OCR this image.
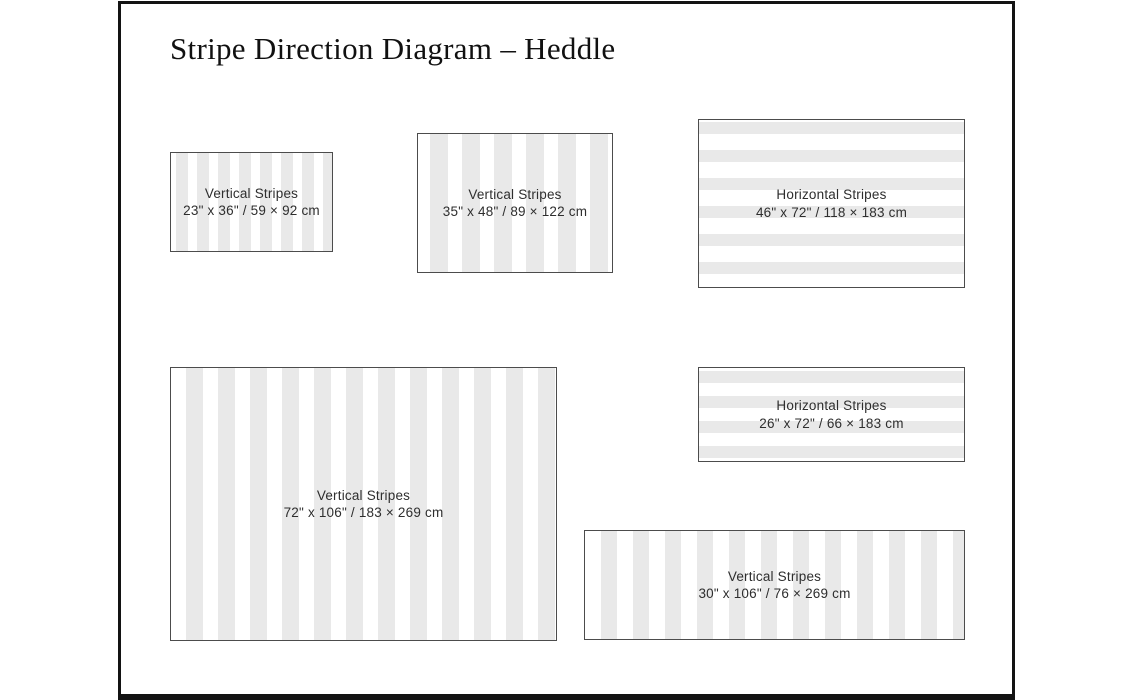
Stripe Direction Diagram – Heddle
Vertical Stripes
23" x 36" / 59 × 92 cm
Vertical Stripes
35" x 48" / 89 × 122 cm
Horizontal Stripes
46" x 72" / 118 × 183 cm
Horizontal Stripes
26" x 72" / 66 × 183 cm
Vertical Stripes
72" x 106" / 183 × 269 cm
Vertical Stripes
30" x 106" / 76 × 269 cm
